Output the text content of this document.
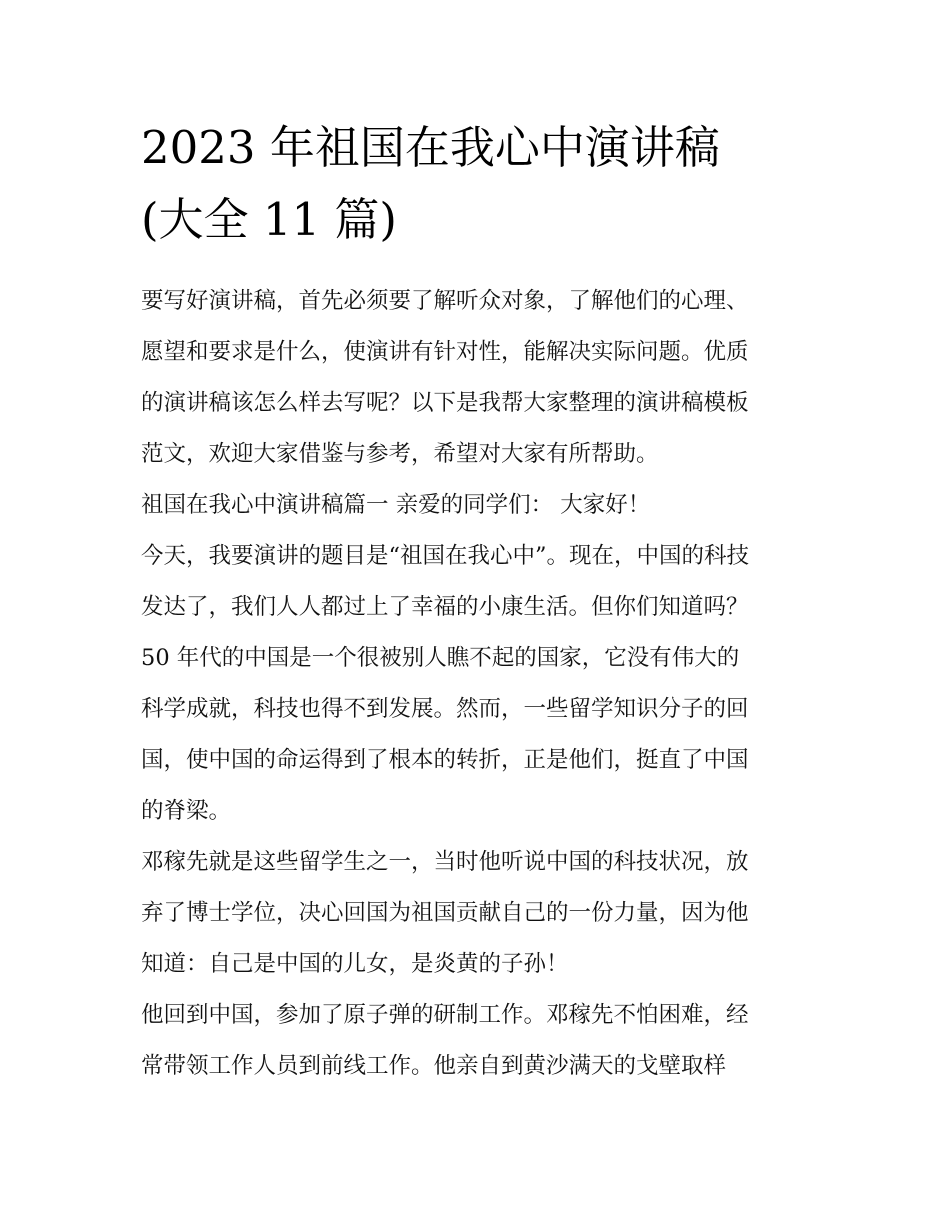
2023 年祖国在我心中演讲稿
(大全 11 篇)
要写好演讲稿，首先必须要了解听众对象，了解他们的心理、
愿望和要求是什么，使演讲有针对性，能解决实际问题。优质
的演讲稿该怎么样去写呢？以下是我帮大家整理的演讲稿模板
范文，欢迎大家借鉴与参考，希望对大家有所帮助。
祖国在我心中演讲稿篇一 亲爱的同学们： 大家好！
今天，我要演讲的题目是“祖国在我心中”。现在，中国的科技
发达了，我们人人都过上了幸福的小康生活。但你们知道吗？
50 年代的中国是一个很被别人瞧不起的国家，它没有伟大的
科学成就，科技也得不到发展。然而，一些留学知识分子的回
国，使中国的命运得到了根本的转折，正是他们，挺直了中国
的脊梁。
邓稼先就是这些留学生之一，当时他听说中国的科技状况，放
弃了博士学位，决心回国为祖国贡献自己的一份力量，因为他
知道：自己是中国的儿女，是炎黄的子孙！
他回到中国，参加了原子弹的研制工作。邓稼先不怕困难，经
常带领工作人员到前线工作。他亲自到黄沙满天的戈壁取样
